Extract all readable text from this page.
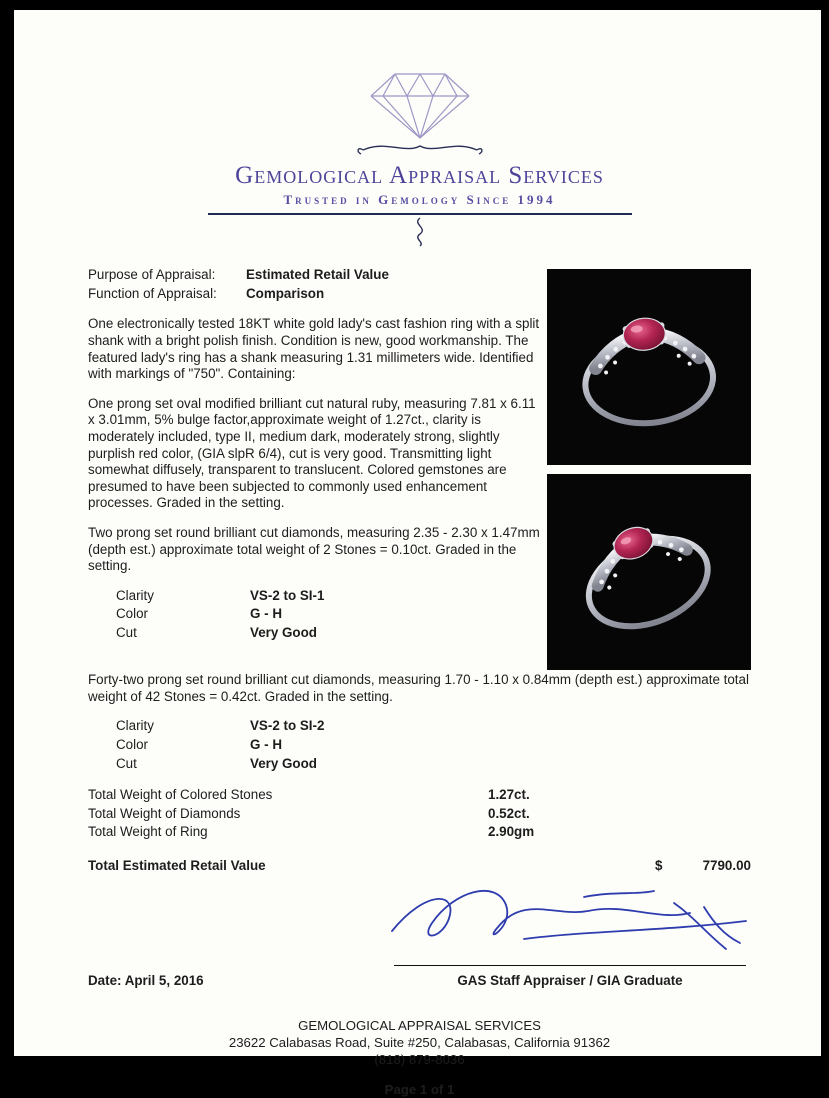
Gemological Appraisal Services
Trusted in Gemology Since 1994
Purpose of Appraisal:	Estimated Retail Value
Function of Appraisal:	Comparison

One electronically tested 18KT white gold lady's cast fashion ring with a split shank with a bright polish finish. Condition is new, good workmanship. The featured lady's ring has a shank measuring 1.31 millimeters wide. Identified with markings of "750". Containing:

One prong set oval modified brilliant cut natural ruby, measuring 7.81 x 6.11 x 3.01mm, 5% bulge factor,approximate weight of 1.27ct., clarity is moderately included, type II, medium dark, moderately strong, slightly purplish red color, (GIA slpR 6/4), cut is very good. Transmitting light somewhat diffusely, transparent to translucent. Colored gemstones are presumed to have been subjected to commonly used enhancement processes. Graded in the setting.

Two prong set round brilliant cut diamonds, measuring 2.35 - 2.30 x 1.47mm (depth est.) approximate total weight of 2 Stones = 0.10ct. Graded in the setting.

Clarity	VS-2 to SI-1
Color	G - H
Cut	Very Good

Forty-two prong set round brilliant cut diamonds, measuring 1.70 - 1.10 x 0.84mm (depth est.) approximate total weight of 42 Stones = 0.42ct. Graded in the setting.

Clarity	VS-2 to SI-2
Color	G - H
Cut	Very Good
Total Weight of Colored Stones	1.27ct.
Total Weight of Diamonds	0.52ct.
Total Weight of Ring	2.90gm
Total Estimated Retail Value	$	7790.00
Date: April 5, 2016	GAS Staff Appraiser / GIA Graduate
GEMOLOGICAL APPRAISAL SERVICES
23622 Calabasas Road, Suite #250, Calabasas, California 91362
(818) 879-8036
Page 1 of 1
